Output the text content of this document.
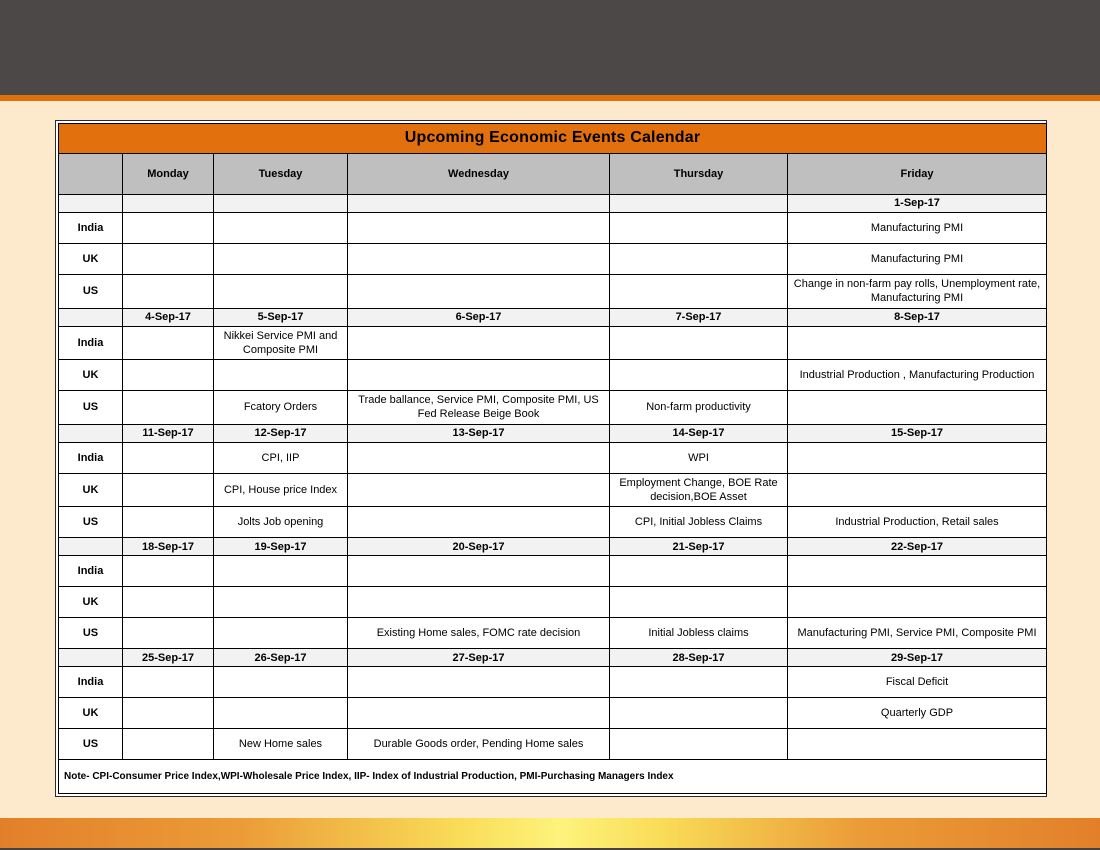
Upcoming Economic Events Calendar					
	Monday	Tuesday	Wednesday	Thursday	Friday
					1-Sep-17
India					Manufacturing PMI
UK					Manufacturing PMI
US					Change in non-farm pay rolls, Unemployment rate, Manufacturing PMI
	4-Sep-17	5-Sep-17	6-Sep-17	7-Sep-17	8-Sep-17
India		Nikkei Service PMI and Composite PMI			
UK					Industrial Production , Manufacturing Production
US		Fcatory Orders	Trade ballance, Service PMI, Composite PMI, US Fed Release Beige Book	Non-farm productivity	
	11-Sep-17	12-Sep-17	13-Sep-17	14-Sep-17	15-Sep-17
India		CPI, IIP		WPI	
UK		CPI, House price Index		Employment Change, BOE Rate decision,BOE Asset	
US		Jolts Job opening		CPI, Initial Jobless Claims	Industrial Production, Retail sales
	18-Sep-17	19-Sep-17	20-Sep-17	21-Sep-17	22-Sep-17
India					
UK					
US			Existing Home sales, FOMC rate decision	Initial Jobless claims	Manufacturing PMI, Service PMI, Composite PMI
	25-Sep-17	26-Sep-17	27-Sep-17	28-Sep-17	29-Sep-17
India					Fiscal Deficit
UK					Quarterly GDP
US		New Home sales	Durable Goods order, Pending Home sales		
Note- CPI-Consumer Price Index,WPI-Wholesale Price Index, IIP- Index of Industrial Production, PMI-Purchasing Managers Index					
